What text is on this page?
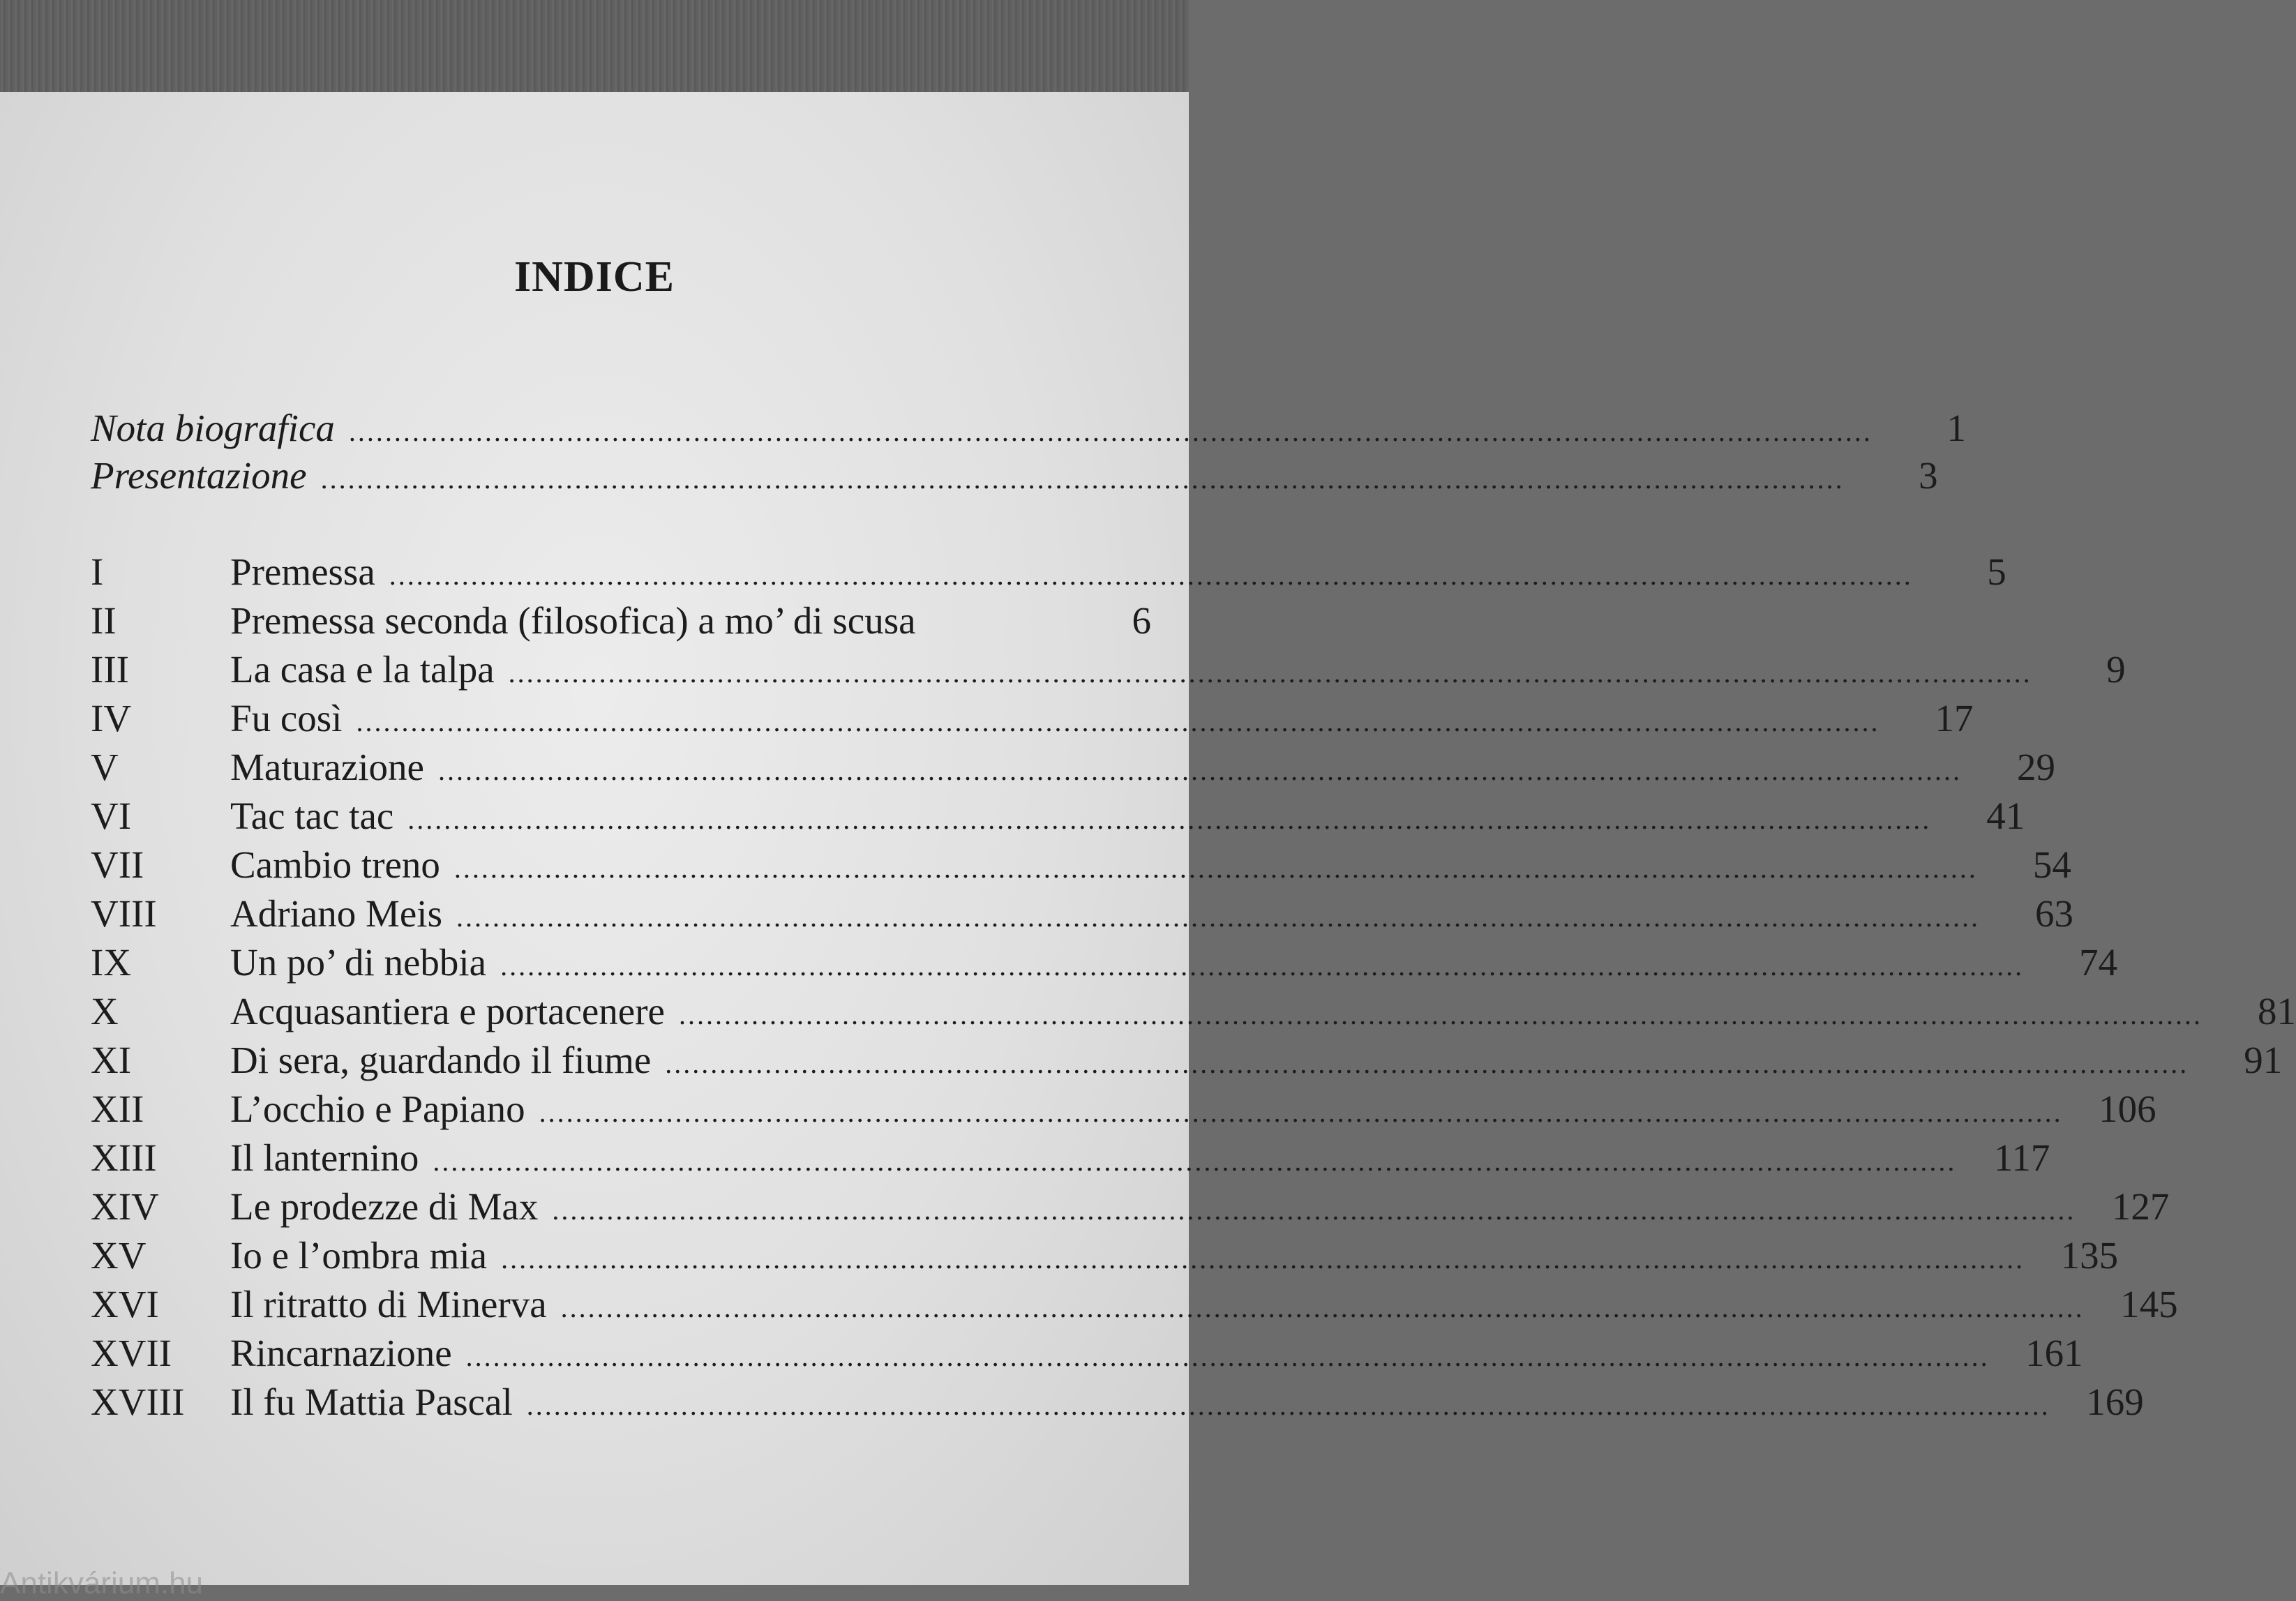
INDICE
Nota biografica ........................................................................................................................................................................	1
Presentazione ........................................................................................................................................................................	3
I	Premessa ........................................................................................................................................................................	5
II	Premessa seconda (filosofica) a mo’ di scusa	6
III	La casa e la talpa ........................................................................................................................................................................	9
IV	Fu così ........................................................................................................................................................................	17
V	Maturazione ........................................................................................................................................................................	29
VI	Tac tac tac ........................................................................................................................................................................	41
VII	Cambio treno ........................................................................................................................................................................	54
VIII	Adriano Meis ........................................................................................................................................................................	63
IX	Un po’ di nebbia ........................................................................................................................................................................	74
X	Acquasantiera e portacenere ........................................................................................................................................................................	81
XI	Di sera, guardando il fiume ........................................................................................................................................................................	91
XII	L’occhio e Papiano ........................................................................................................................................................................ 106
XIII	Il lanternino ........................................................................................................................................................................ 117
XIV	Le prodezze di Max ........................................................................................................................................................................ 127
XV	Io e l’ombra mia ........................................................................................................................................................................ 135
XVI	Il ritratto di Minerva ........................................................................................................................................................................ 145
XVII	Rincarnazione ........................................................................................................................................................................ 161
XVIII	Il fu Mattia Pascal ........................................................................................................................................................................ 169
Antikvárium.hu
